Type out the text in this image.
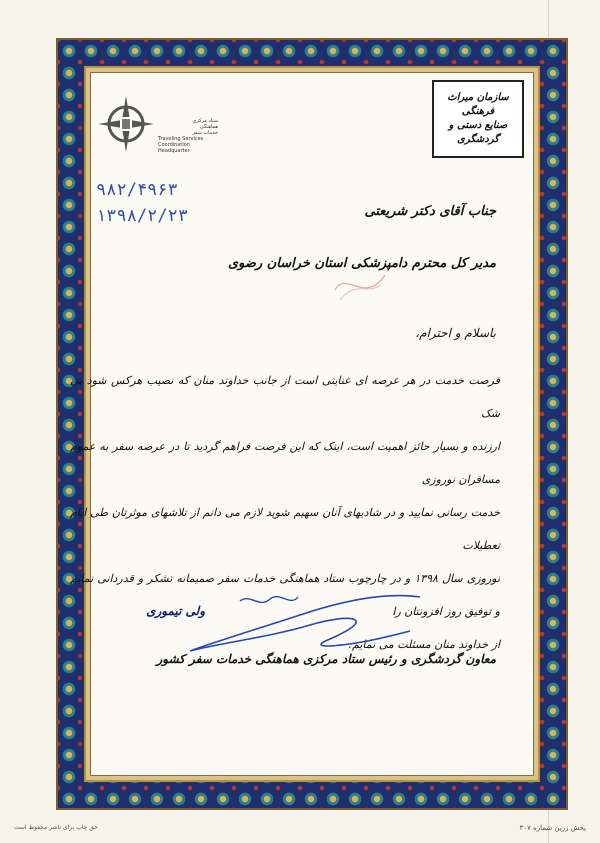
ستاد مرکزی
هماهنگی
خدمات سفر
Traveling Services
Coordination
Headquarter
سازمان میراث فرهنگی
صنایع دستی و گردشگری
۹۸۲/۴۹۶۳
۱۳۹۸/۲/۲۳	جناب آقای دکتر شریعتی
مدیر کل محترم دامپزشکی استان خراسان رضوی
باسلام و احترام،

فرصت خدمت در هر عرصه ای عنایتی است از جانب خداوند منان که نصیب هرکس شود بی شک

ارزنده و بسیار حائز اهمیت است، اینک که این فرصت فراهم گردید تا در عرصه سفر به عموم مسافران نوروزی

خدمت رسانی نمایید و در شادیهای آنان سهیم شوید لازم می دانم از تلاشهای موثرتان طی ایام تعطیلات

نوروزی سال ۱۳۹۸ و در چارچوب ستاد هماهنگی خدمات سفر صمیمانه تشکر و قدردانی نمایم و توفیق روز افزونتان را

از خداوند منان مسئلت می نمایم.

ولی تیموری
معاون گردشگری و رئیس ستاد مرکزی هماهنگی خدمات سفر کشور
حق چاپ برای ناشر محفوظ است	پخش زرین شماره ۳۰۷
